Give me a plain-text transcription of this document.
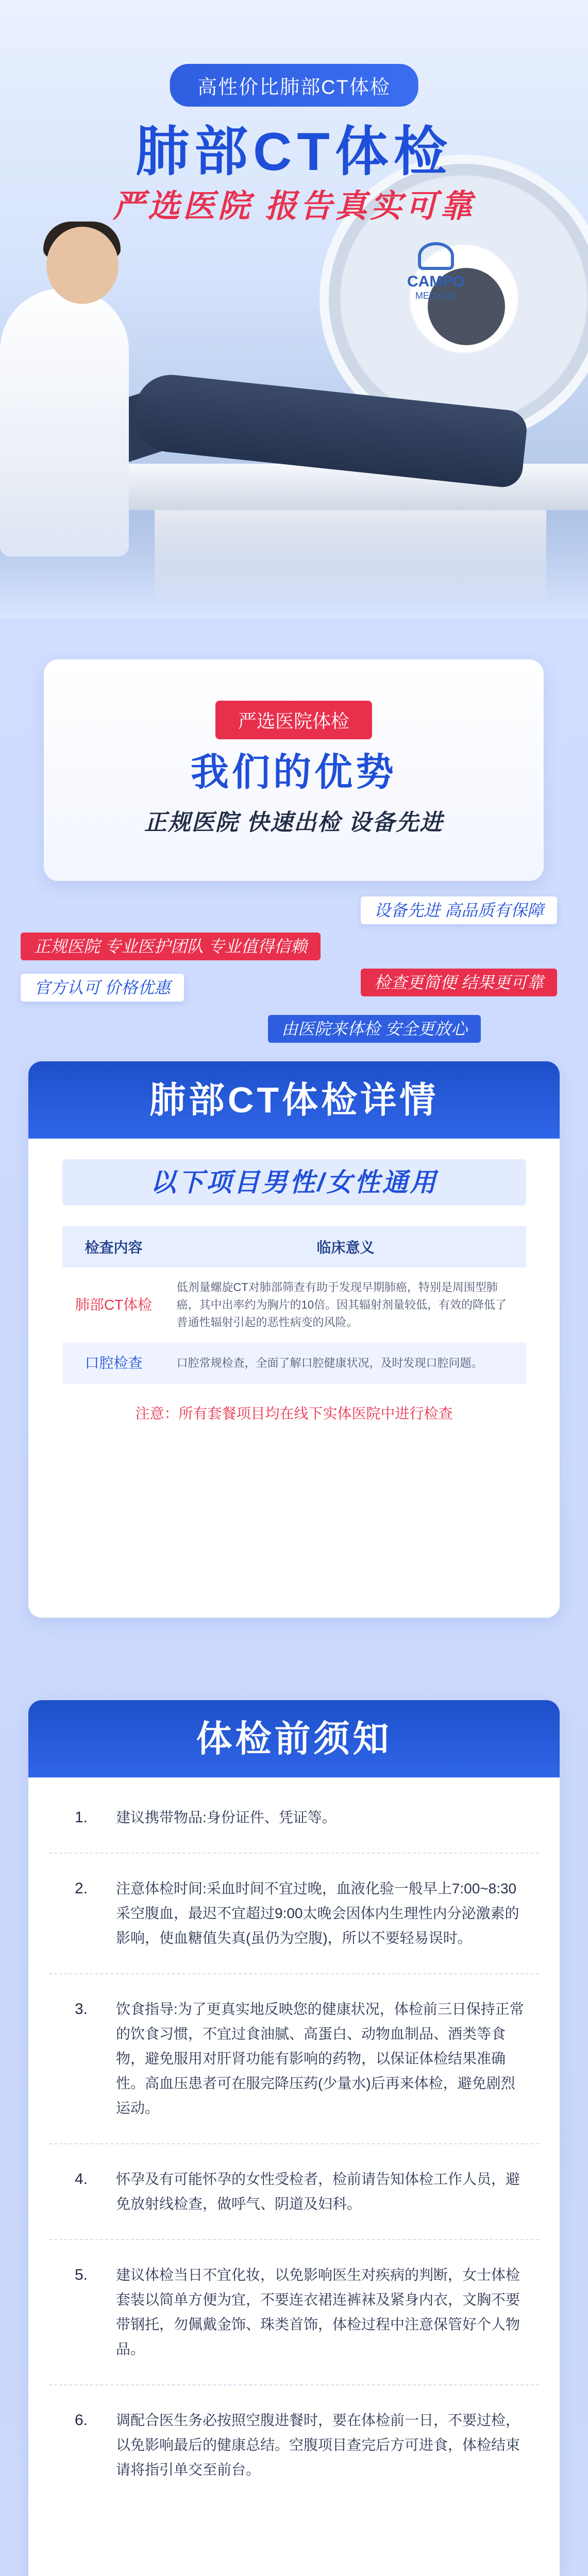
高性价比肺部CT体检
肺部CT体检
严选医院 报告真实可靠
CAMPO
MEDICAL
严选医院体检
我们的优势
正规医院 快速出检 设备先进
设备先进 高品质有保障
正规医院 专业医护团队 专业值得信赖
检查更简便 结果更可靠
官方认可 价格优惠
由医院来体检 安全更放心
肺部CT体检详情
以下项目男性/女性通用
检查内容	临床意义
肺部CT体检	低剂量螺旋CT对肺部筛查有助于发现早期肺癌，特别是周围型肺癌，其中出率约为胸片的10倍。因其辐射剂量较低，有效的降低了普通性辐射引起的恶性病变的风险。
口腔检查	口腔常规检查，全面了解口腔健康状况，及时发现口腔问题。
注意：所有套餐项目均在线下实体医院中进行检查
体检前须知
1.	建议携带物品:身份证件、凭证等。
2.	注意体检时间:采血时间不宜过晚，血液化验一般早上7:00~8:30采空腹血，最迟不宜超过9:00太晚会因体内生理性内分泌激素的影响，使血糖值失真(虽仍为空腹)，所以不要轻易误时。
3.	饮食指导:为了更真实地反映您的健康状况，体检前三日保持正常的饮食习惯，不宜过食油腻、高蛋白、动物血制品、酒类等食物，避免服用对肝肾功能有影响的药物，以保证体检结果准确性。高血压患者可在服完降压药(少量水)后再来体检，避免剧烈运动。
4.	怀孕及有可能怀孕的女性受检者，检前请告知体检工作人员，避免放射线检查，做呼气、阴道及妇科。
5.	建议体检当日不宜化妆，以免影响医生对疾病的判断，女士体检套装以简单方便为宜，不要连衣裙连裤袜及紧身内衣，文胸不要带钢托，勿佩戴金饰、珠类首饰，体检过程中注意保管好个人物品。
6.	调配合医生务必按照空腹进餐时，要在体检前一日，不要过检，以免影响最后的健康总结。空腹项目查完后方可进食，体检结束请将指引单交至前台。
